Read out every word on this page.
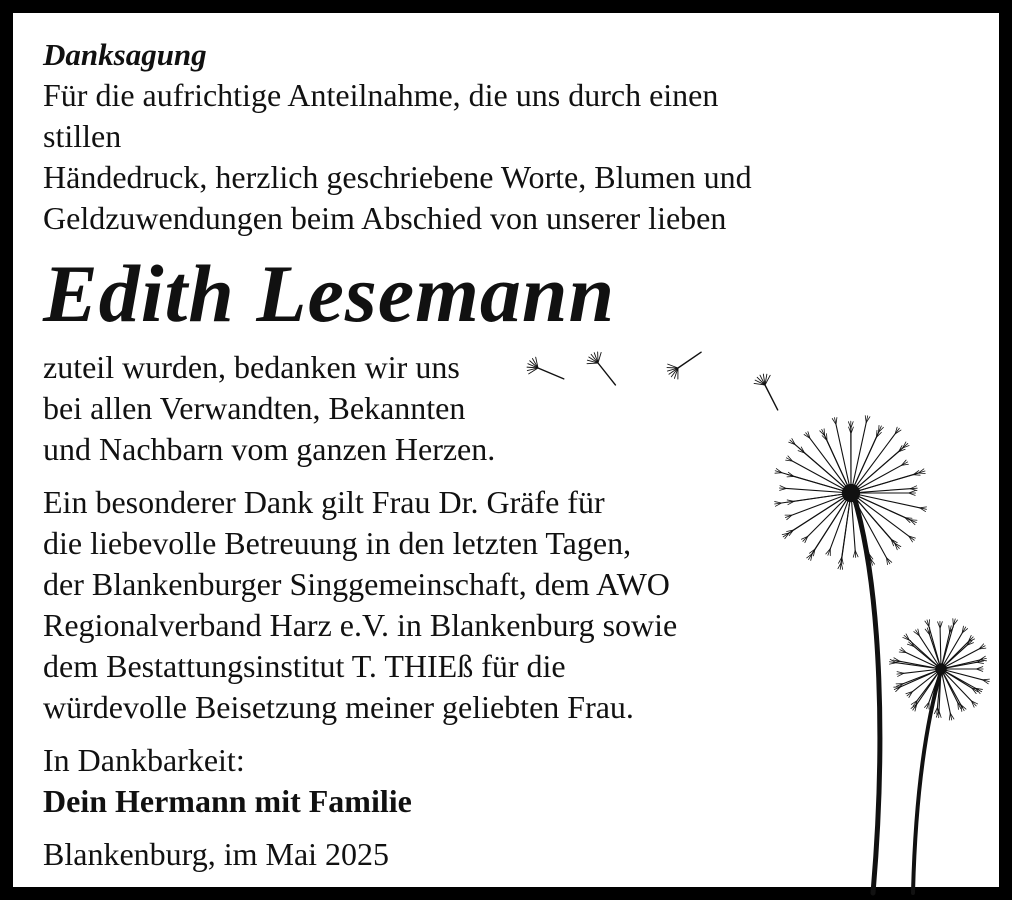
Danksagung

Für die aufrichtige Anteilnahme, die uns durch einen stillen

Händedruck, herzlich geschriebene Worte, Blumen und

Geldzuwendungen beim Abschied von unserer lieben

Edith Lesemann

zuteil wurden, bedanken wir uns

bei allen Verwandten, Bekannten

und Nachbarn vom ganzen Herzen.

Ein besonderer Dank gilt Frau Dr. Gräfe für

die liebevolle Betreuung in den letzten Tagen,

der Blankenburger Singgemeinschaft, dem AWO

Regionalverband Harz e.V. in Blankenburg sowie

dem Bestattungsinstitut T. THIEß für die

würdevolle Beisetzung meiner geliebten Frau.

In Dankbarkeit:

Dein Hermann mit Familie

Blankenburg, im Mai 2025
